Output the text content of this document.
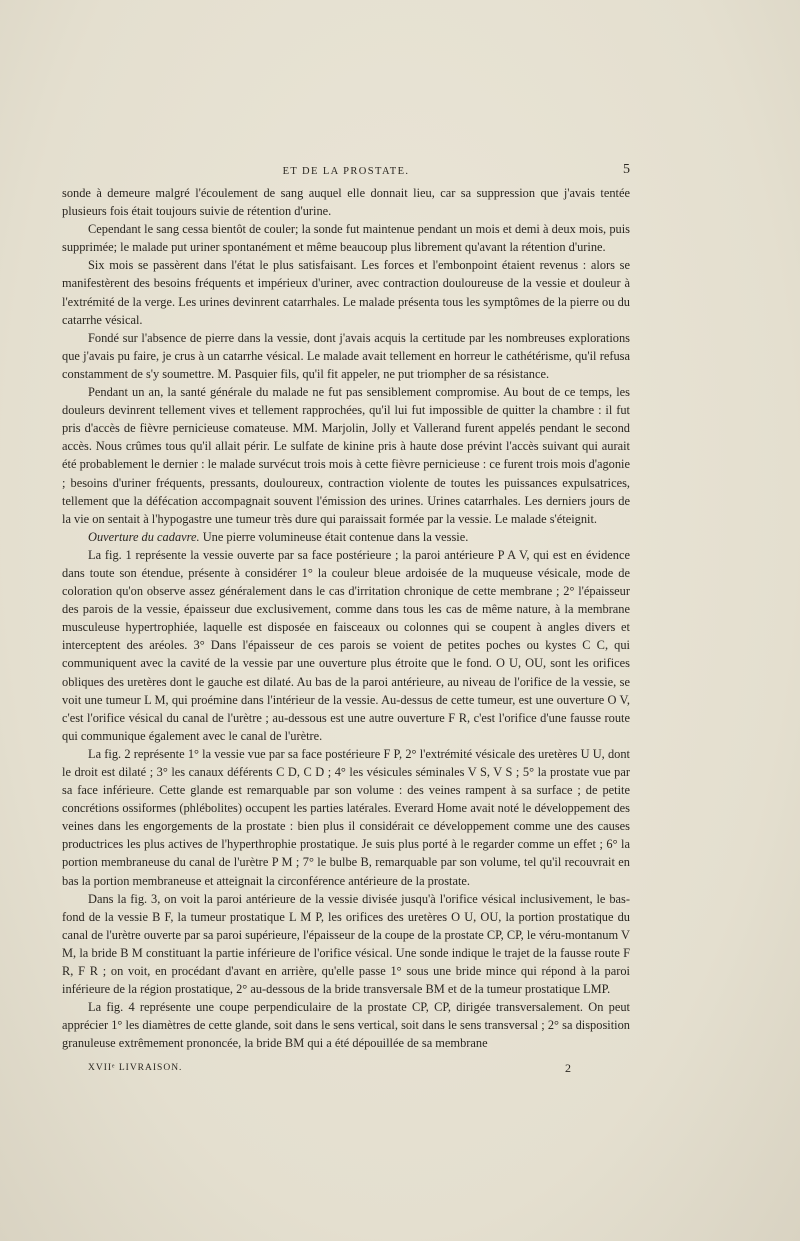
ET DE LA PROSTATE.	5

sonde à demeure malgré l'écoulement de sang auquel elle donnait lieu, car sa suppression que j'avais tentée plusieurs fois était toujours suivie de rétention d'urine.

Cependant le sang cessa bientôt de couler; la sonde fut maintenue pendant un mois et demi à deux mois, puis supprimée; le malade put uriner spontanément et même beaucoup plus librement qu'avant la rétention d'urine.

Six mois se passèrent dans l'état le plus satisfaisant. Les forces et l'embonpoint étaient revenus : alors se manifestèrent des besoins fréquents et impérieux d'uriner, avec contraction douloureuse de la vessie et douleur à l'extrémité de la verge. Les urines devinrent catarrhales. Le malade présenta tous les symptômes de la pierre ou du catarrhe vésical.

Fondé sur l'absence de pierre dans la vessie, dont j'avais acquis la certitude par les nombreuses explorations que j'avais pu faire, je crus à un catarrhe vésical. Le malade avait tellement en horreur le cathétérisme, qu'il refusa constamment de s'y soumettre. M. Pasquier fils, qu'il fit appeler, ne put triompher de sa résistance.

Pendant un an, la santé générale du malade ne fut pas sensiblement compromise. Au bout de ce temps, les douleurs devinrent tellement vives et tellement rapprochées, qu'il lui fut impossible de quitter la chambre : il fut pris d'accès de fièvre pernicieuse comateuse. MM. Marjolin, Jolly et Vallerand furent appelés pendant le second accès. Nous crûmes tous qu'il allait périr. Le sulfate de kinine pris à haute dose prévint l'accès suivant qui aurait été probablement le dernier : le malade survécut trois mois à cette fièvre pernicieuse : ce furent trois mois d'agonie ; besoins d'uriner fréquents, pressants, douloureux, contraction violente de toutes les puissances expulsatrices, tellement que la défécation accompagnait souvent l'émission des urines. Urines catarrhales. Les derniers jours de la vie on sentait à l'hypogastre une tumeur très dure qui paraissait formée par la vessie. Le malade s'éteignit.

Ouverture du cadavre. Une pierre volumineuse était contenue dans la vessie.

La fig. 1 représente la vessie ouverte par sa face postérieure ; la paroi antérieure P A V, qui est en évidence dans toute son étendue, présente à considérer 1° la couleur bleue ardoisée de la muqueuse vésicale, mode de coloration qu'on observe assez généralement dans le cas d'irritation chronique de cette membrane ; 2° l'épaisseur des parois de la vessie, épaisseur due exclusivement, comme dans tous les cas de même nature, à la membrane musculeuse hypertrophiée, laquelle est disposée en faisceaux ou colonnes qui se coupent à angles divers et interceptent des aréoles. 3° Dans l'épaisseur de ces parois se voient de petites poches ou kystes C C, qui communiquent avec la cavité de la vessie par une ouverture plus étroite que le fond. O U, OU, sont les orifices obliques des uretères dont le gauche est dilaté. Au bas de la paroi antérieure, au niveau de l'orifice de la vessie, se voit une tumeur L M, qui proémine dans l'intérieur de la vessie. Au-dessus de cette tumeur, est une ouverture O V, c'est l'orifice vésical du canal de l'urètre ; au-dessous est une autre ouverture F R, c'est l'orifice d'une fausse route qui communique également avec le canal de l'urètre.

La fig. 2 représente 1° la vessie vue par sa face postérieure F P, 2° l'extrémité vésicale des uretères U U, dont le droit est dilaté ; 3° les canaux déférents C D, C D ; 4° les vésicules séminales V S, V S ; 5° la prostate vue par sa face inférieure. Cette glande est remarquable par son volume : des veines rampent à sa surface ; de petite concrétions ossiformes (phlébolites) occupent les parties latérales. Everard Home avait noté le développement des veines dans les engorgements de la prostate : bien plus il considérait ce développement comme une des causes productrices les plus actives de l'hyperthrophie prostatique. Je suis plus porté à le regarder comme un effet ; 6° la portion membraneuse du canal de l'urètre P M ; 7° le bulbe B, remarquable par son volume, tel qu'il recouvrait en bas la portion membraneuse et atteignait la circonférence antérieure de la prostate.

Dans la fig. 3, on voit la paroi antérieure de la vessie divisée jusqu'à l'orifice vésical inclusivement, le bas-fond de la vessie B F, la tumeur prostatique L M P, les orifices des uretères O U, OU, la portion prostatique du canal de l'urètre ouverte par sa paroi supérieure, l'épaisseur de la coupe de la prostate CP, CP, le véru-montanum V M, la bride B M constituant la partie inférieure de l'orifice vésical. Une sonde indique le trajet de la fausse route F R, F R ; on voit, en procédant d'avant en arrière, qu'elle passe 1° sous une bride mince qui répond à la paroi inférieure de la région prostatique, 2° au-dessous de la bride transversale BM et de la tumeur prostatique LMP.

La fig. 4 représente une coupe perpendiculaire de la prostate CP, CP, dirigée transversalement. On peut apprécier 1° les diamètres de cette glande, soit dans le sens vertical, soit dans le sens transversal ; 2° sa disposition granuleuse extrêmement prononcée, la bride BM qui a été dépouillée de sa membrane

XVIIᵉ LIVRAISON.	2
